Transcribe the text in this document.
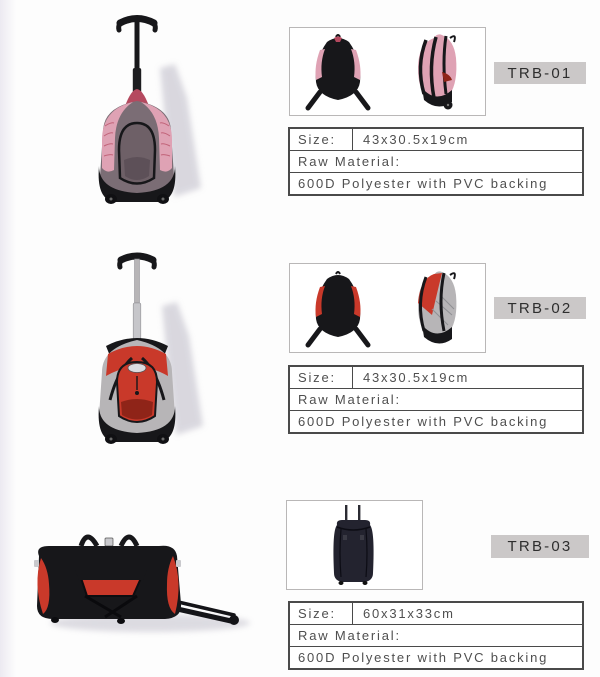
TRB-01
Size:	43x30.5x19cm
Raw Material:
600D Polyester with PVC backing
TRB-02
Size:	43x30.5x19cm
Raw Material:
600D Polyester with PVC backing
TRB-03
Size:	60x31x33cm
Raw Material:
600D Polyester with PVC backing
